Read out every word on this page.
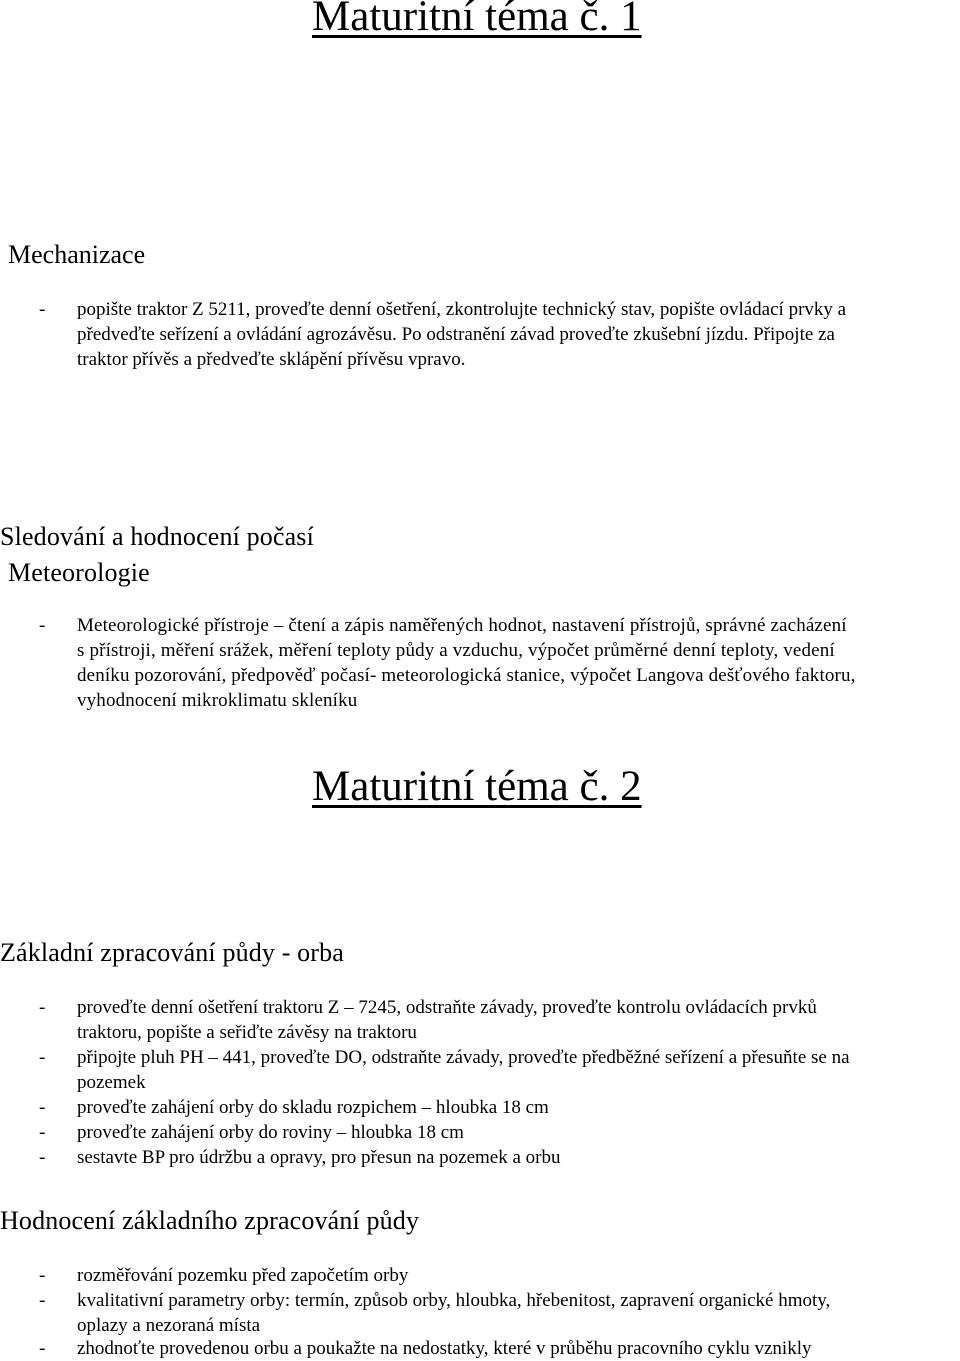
Maturitní téma č. 1
Mechanizace
- popište traktor Z 5211, proveďte denní ošetření, zkontrolujte technický stav, popište ovládací prvky a
předveďte seřízení a ovládání agrozávěsu. Po odstranění závad proveďte zkušební jízdu. Připojte za
traktor přívěs a předveďte sklápění přívěsu vpravo.
Sledování a hodnocení počasí
Meteorologie
- Meteorologické přístroje – čtení a zápis naměřených hodnot, nastavení přístrojů, správné zacházení
s přístroji, měření srážek, měření teploty půdy a vzduchu, výpočet průměrné denní teploty, vedení
deníku pozorování, předpověď počasí- meteorologická stanice, výpočet Langova dešťového faktoru,
vyhodnocení mikroklimatu skleníku
Maturitní téma č. 2
Základní zpracování půdy - orba
- proveďte denní ošetření traktoru Z – 7245, odstraňte závady, proveďte kontrolu ovládacích prvků
traktoru, popište a seřiďte závěsy na traktoru
- připojte pluh PH – 441, proveďte DO, odstraňte závady, proveďte předběžné seřízení a přesuňte se na
pozemek
- proveďte zahájení orby do skladu rozpichem – hloubka 18 cm
- proveďte zahájení orby do roviny – hloubka 18 cm
- sestavte BP pro údržbu a opravy, pro přesun na pozemek a orbu
Hodnocení základního zpracování půdy
- rozměřování pozemku před započetím orby
- kvalitativní parametry orby: termín, způsob orby, hloubka, hřebenitost, zapravení organické hmoty,
oplazy a nezoraná místa
- zhodnoťte provedenou orbu a poukažte na nedostatky, které v průběhu pracovního cyklu vznikly
